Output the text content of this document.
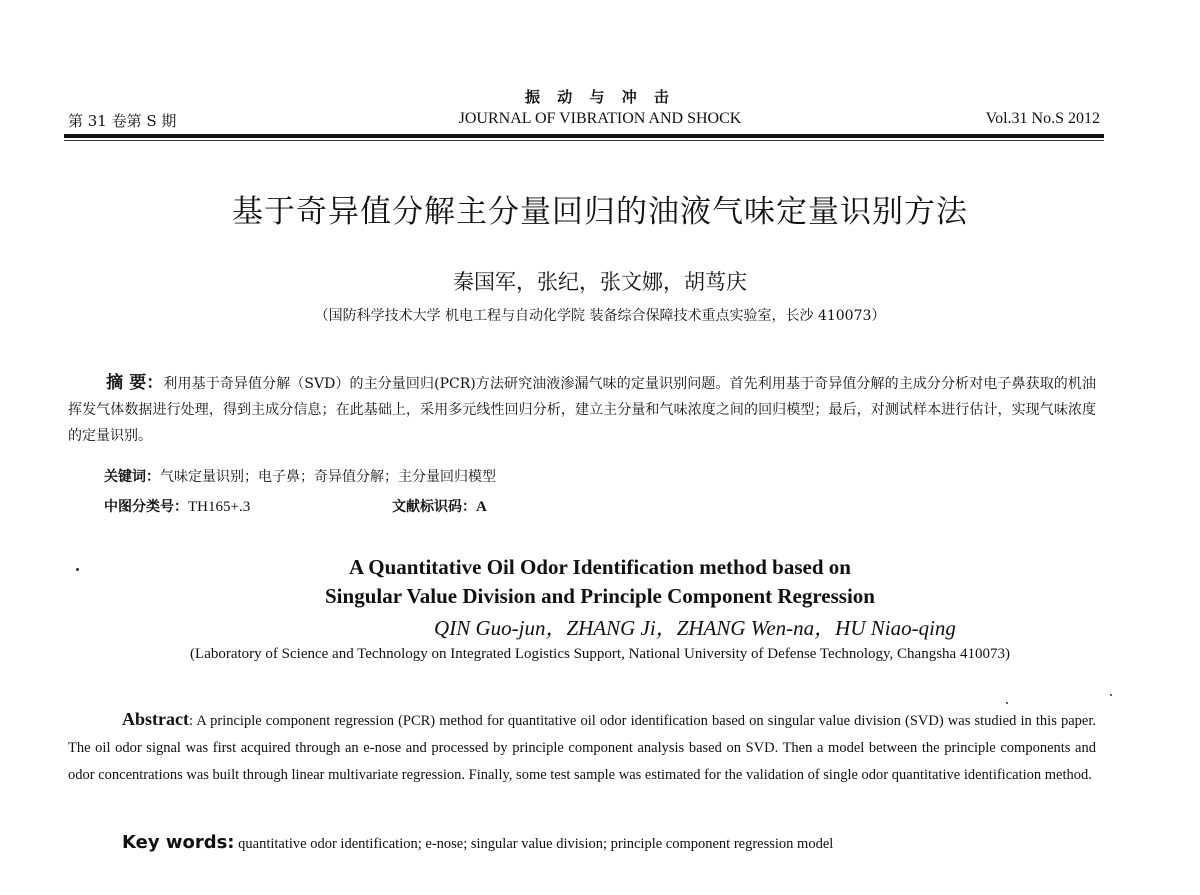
振 动 与 冲 击
第 31 卷第 S 期	JOURNAL OF VIBRATION AND SHOCK	Vol.31 No.S 2012
基于奇异值分解主分量回归的油液气味定量识别方法
秦国军，张纪，张文娜，胡茑庆
（国防科学技术大学 机电工程与自动化学院 装备综合保障技术重点实验室，长沙 410073）
摘 要：利用基于奇异值分解（SVD）的主分量回归(PCR)方法研究油液渗漏气味的定量识别问题。首先利用基于奇异值分解的主成分分析对电子鼻获取的机油挥发气体数据进行处理，得到主成分信息；在此基础上，采用多元线性回归分析，建立主分量和气味浓度之间的回归模型；最后，对测试样本进行估计，实现气味浓度的定量识别。
关键词：气味定量识别；电子鼻；奇异值分解；主分量回归模型
中图分类号：TH165+.3	文献标识码：A
A Quantitative Oil Odor Identification method based on
Singular Value Division and Principle Component Regression
QIN Guo-jun，ZHANG Ji，ZHANG Wen-na，HU Niao-qing
(Laboratory of Science and Technology on Integrated Logistics Support, National University of Defense Technology, Changsha 410073)
Abstract: A principle component regression (PCR) method for quantitative oil odor identification based on singular value division (SVD) was studied in this paper. The oil odor signal was first acquired through an e-nose and processed by principle component analysis based on SVD. Then a model between the principle components and odor concentrations was built through linear multivariate regression. Finally, some test sample was estimated for the validation of single odor quantitative identification method.
Key words: quantitative odor identification; e-nose; singular value division; principle component regression model
